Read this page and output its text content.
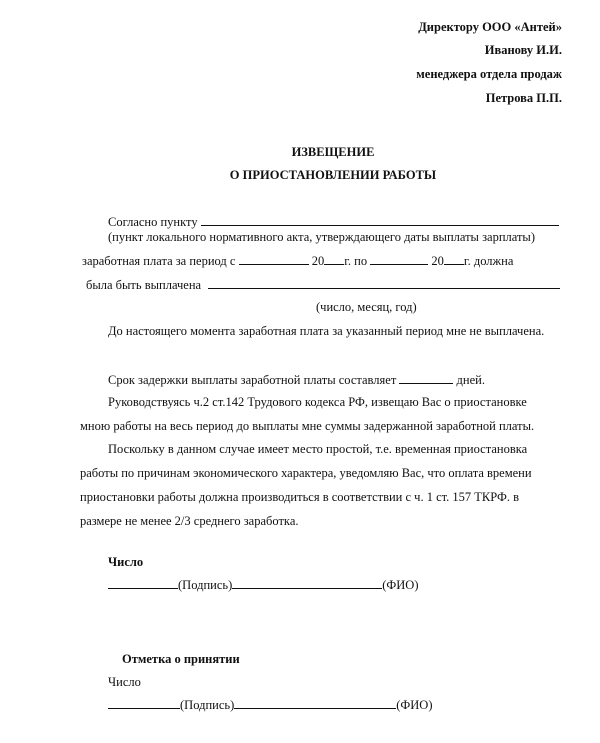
Директору ООО «Антей»
Иванову И.И.
менеджера отдела продаж
Петрова П.П.
ИЗВЕЩЕНИЕ
О ПРИОСТАНОВЛЕНИИ РАБОТЫ
Согласно пункту
(пункт локального нормативного акта, утверждающего даты выплаты зарплаты)
заработная плата за период с	20 г. по	20 г. должна
была быть выплачена
(число, месяц, год)
До настоящего момента заработная плата за указанный период мне не выплачена.
Срок задержки выплаты заработной платы составляет	дней.
Руководствуясь ч.2 ст.142 Трудового кодекса РФ, извещаю Вас о приостановке
мною работы на весь период до выплаты мне суммы задержанной заработной платы.
Поскольку в данном случае имеет место простой, т.е. временная приостановка
работы по причинам экономического характера, уведомляю Вас, что оплата времени
приостановки работы должна производиться в соответствии с ч. 1 ст. 157 ТКРФ. в
размере не менее 2/3 среднего заработка.
Число
(Подпись)	(ФИО)
Отметка о принятии
Число
(Подпись)	(ФИО)
